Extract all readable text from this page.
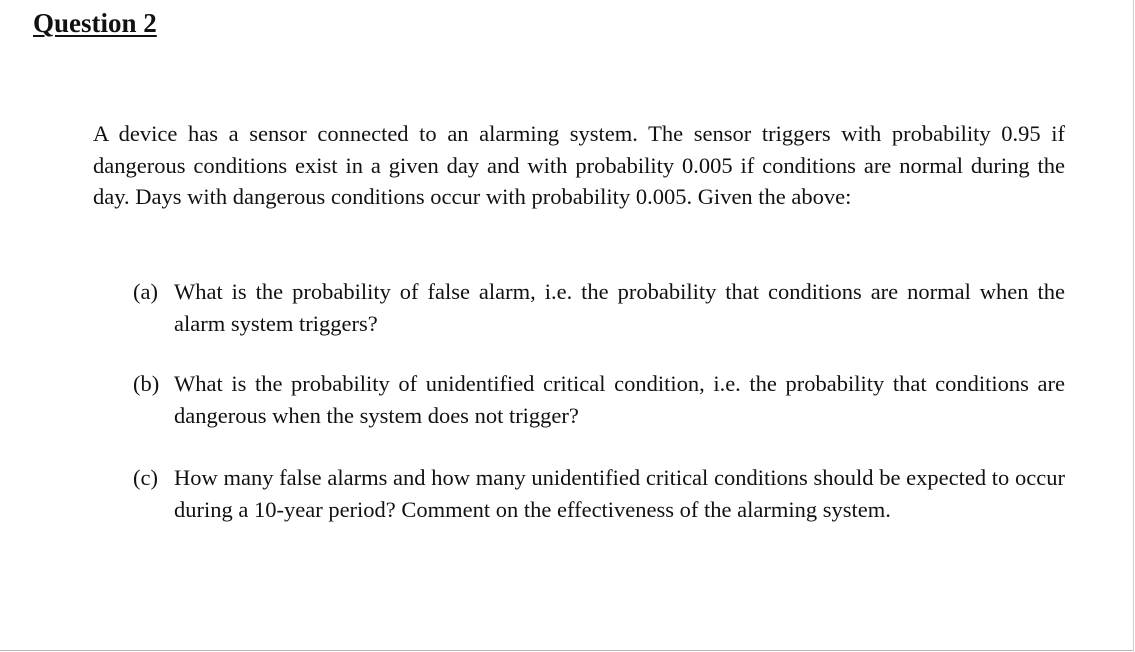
Question 2

A device has a sensor connected to an alarming system. The sensor triggers with probability 0.95 if dangerous conditions exist in a given day and with probability 0.005 if conditions are normal during the day. Days with dangerous conditions occur with probability 0.005. Given the above:

(a) What is the probability of false alarm, i.e. the probability that conditions are normal when the alarm system triggers?
(b) What is the probability of unidentified critical condition, i.e. the probability that conditions are dangerous when the system does not trigger?
(c) How many false alarms and how many unidentified critical conditions should be expected to occur during a 10-year period? Comment on the effectiveness of the alarming system.
